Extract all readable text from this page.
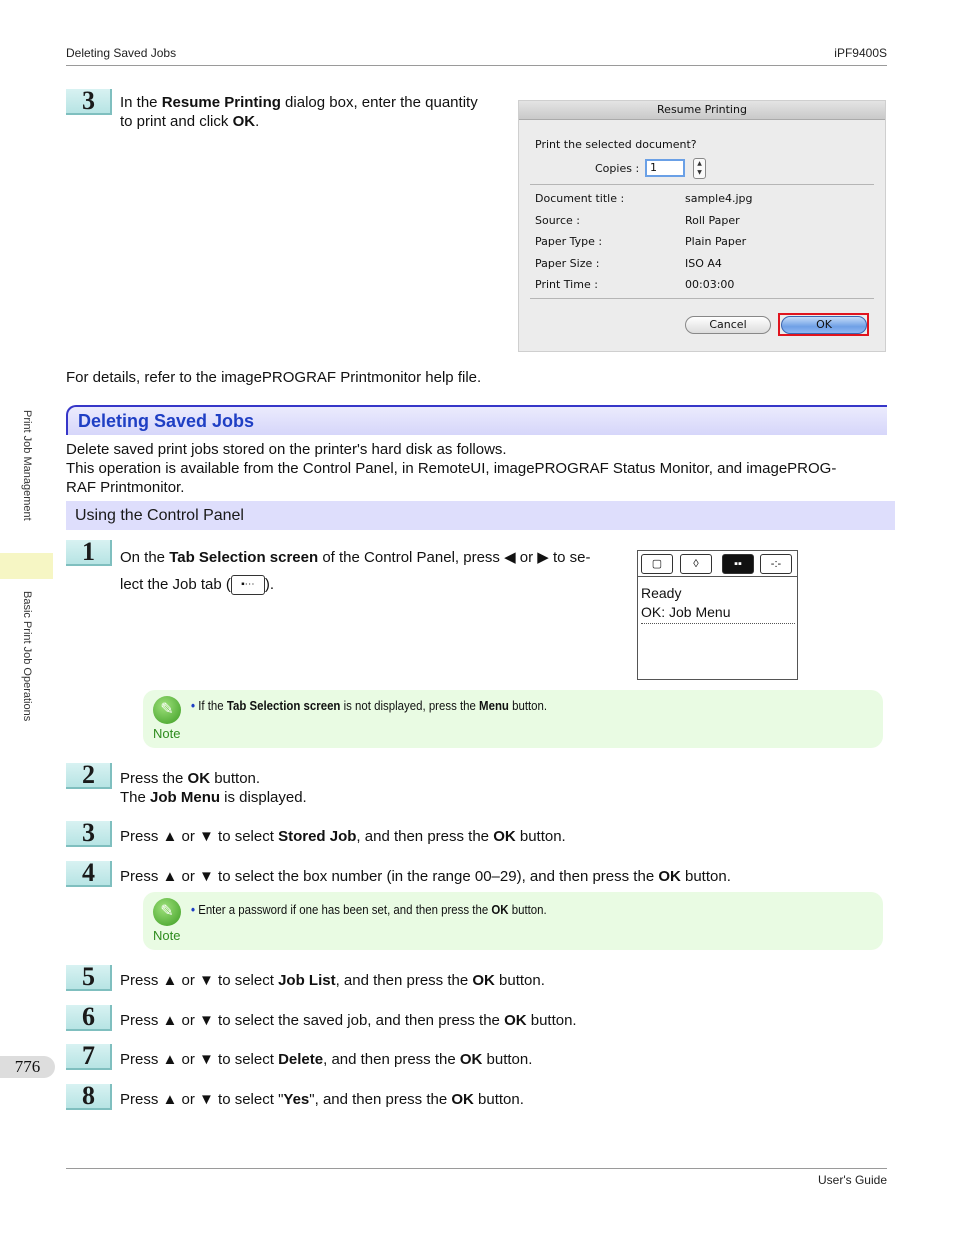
Deleting Saved Jobs	iPF9400S
User's Guide
Print Job Management
Basic Print Job Operations
776
3	In the Resume Printing dialog box, enter the quantity
to print and click OK.
Resume Printing
Print the selected document?
Copies : 1	▲
▼
Document title :	sample4.jpg
Source :	Roll Paper
Paper Type :	Plain Paper
Paper Size :	ISO A4
Print Time :	00:03:00
Cancel	OK
For details, refer to the imagePROGRAF Printmonitor help file.
Deleting Saved Jobs
Delete saved print jobs stored on the printer's hard disk as follows.
This operation is available from the Control Panel, in RemoteUI, imagePROGRAF Status Monitor, and imagePROG-
RAF Printmonitor.
Using the Control Panel
1	On the Tab Selection screen of the Control Panel, press ◀ or ▶ to se-
lect the Job tab ( ▪⋯ ).
▢	◊	▪▪	-:-
Ready
OK: Job Menu
✎
Note
• If the Tab Selection screen is not displayed, press the Menu button.
2	Press the OK button.
The Job Menu is displayed.
3	Press ▲ or ▼ to select Stored Job, and then press the OK button.
4	Press ▲ or ▼ to select the box number (in the range 00–29), and then press the OK button.
✎
Note
• Enter a password if one has been set, and then press the OK button.
5	Press ▲ or ▼ to select Job List, and then press the OK button.
6	Press ▲ or ▼ to select the saved job, and then press the OK button.
7	Press ▲ or ▼ to select Delete, and then press the OK button.
8	Press ▲ or ▼ to select "Yes", and then press the OK button.
